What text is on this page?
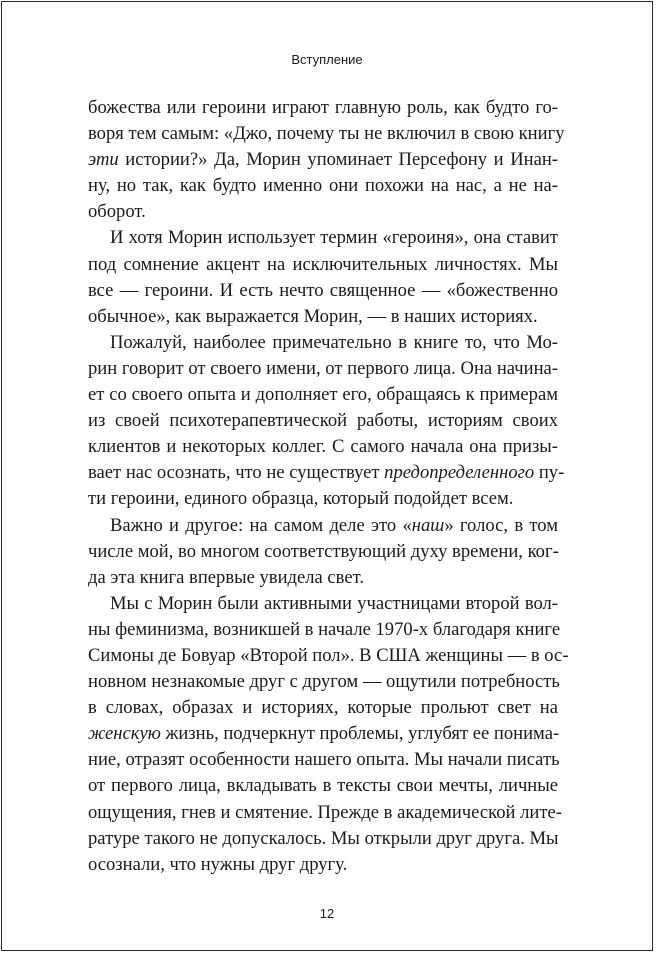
Вступление
божества или героини играют главную роль, как будто го-
воря тем самым: «Джо, почему ты не включил в свою книгу
эти истории?» Да, Морин упоминает Персефону и Инан-
ну, но так, как будто именно они похожи на нас, а не на-
оборот.
И хотя Морин использует термин «героиня», она ставит
под сомнение акцент на исключительных личностях. Мы
все — героини. И есть нечто священное — «божественно
обычное», как выражается Морин, — в наших историях.
Пожалуй, наиболее примечательно в книге то, что Мо-
рин говорит от своего имени, от первого лица. Она начина-
ет со своего опыта и дополняет его, обращаясь к примерам
из своей психотерапевтической работы, историям своих
клиентов и некоторых коллег. С самого начала она призы-
вает нас осознать, что не существует предопределенного пу-
ти героини, единого образца, который подойдет всем.
Важно и другое: на самом деле это «наш» голос, в том
числе мой, во многом соответствующий духу времени, ког-
да эта книга впервые увидела свет.
Мы с Морин были активными участницами второй вол-
ны феминизма, возникшей в начале 1970-х благодаря книге
Симоны де Бовуар «Второй пол». В США женщины — в ос-
новном незнакомые друг с другом — ощутили потребность
в словах, образах и историях, которые прольют свет на
женскую жизнь, подчеркнут проблемы, углубят ее понима-
ние, отразят особенности нашего опыта. Мы начали писать
от первого лица, вкладывать в тексты свои мечты, личные
ощущения, гнев и смятение. Прежде в академической лите-
ратуре такого не допускалось. Мы открыли друг друга. Мы
осознали, что нужны друг другу.
12
